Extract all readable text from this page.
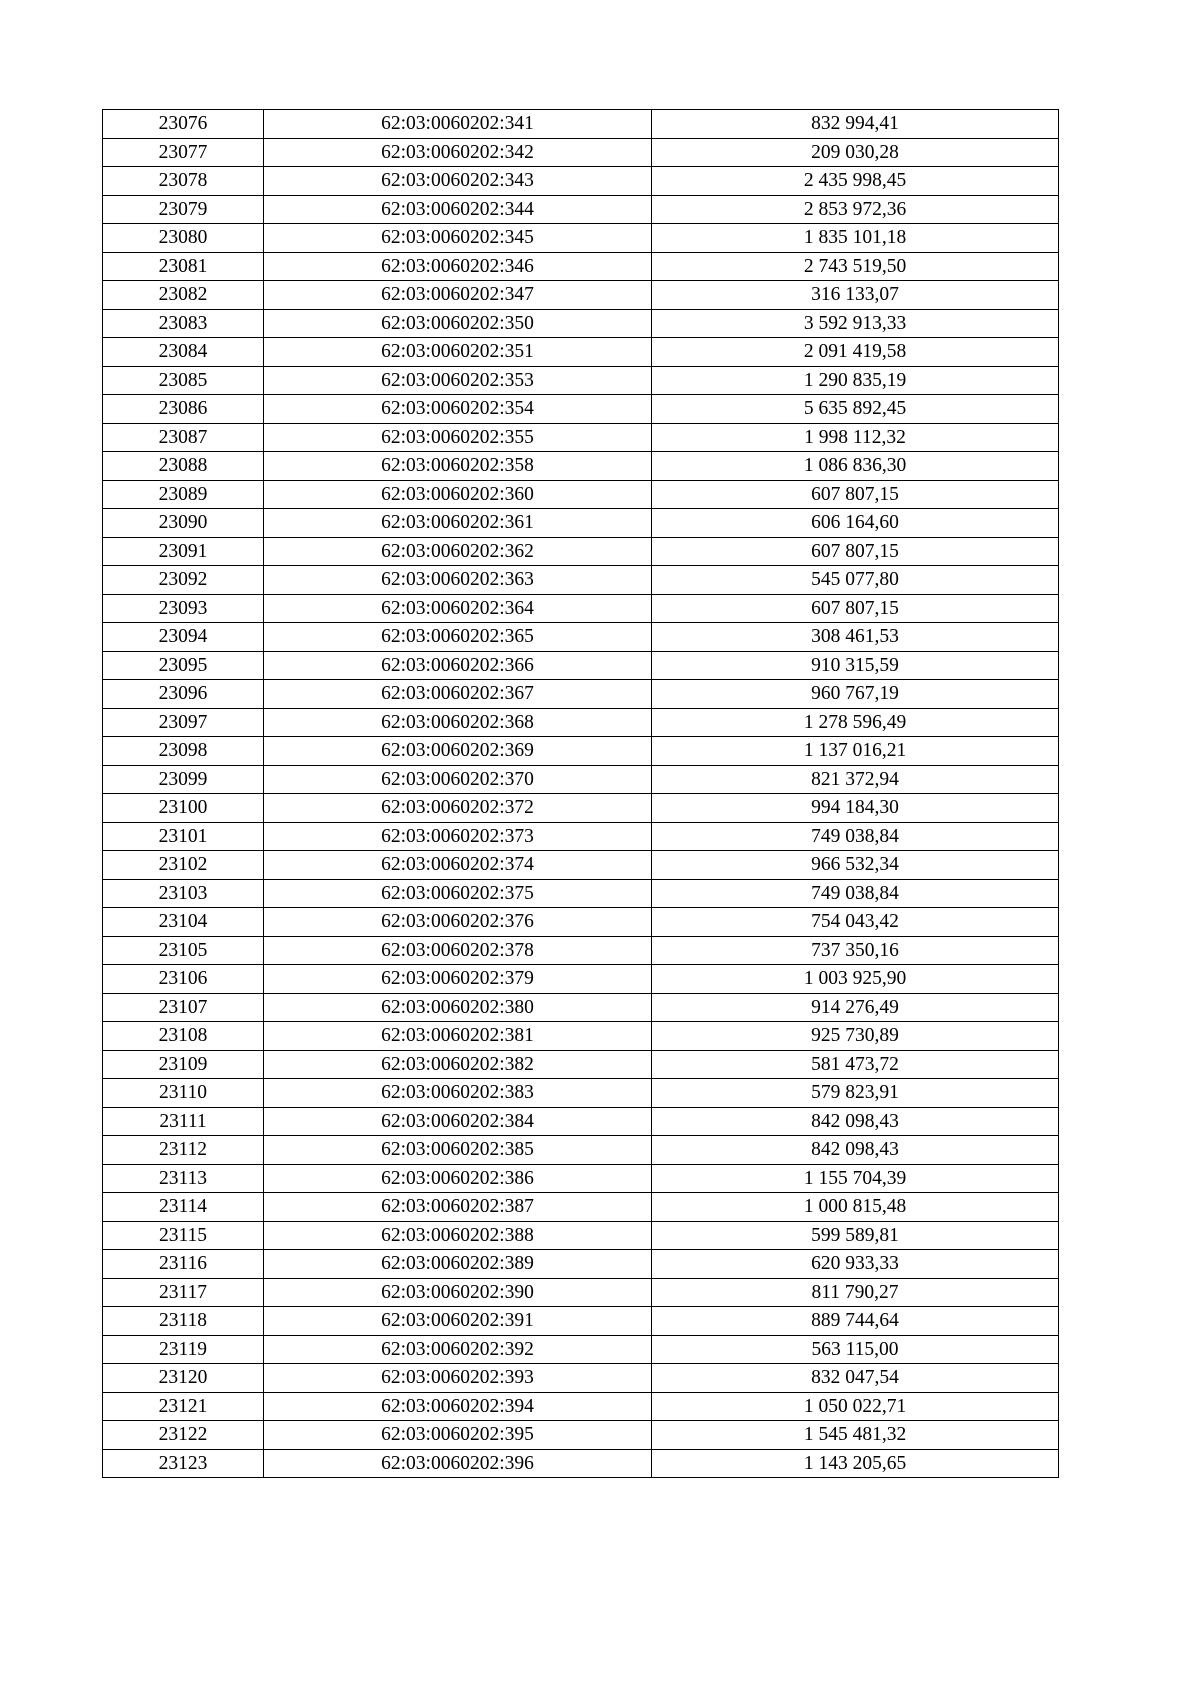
23076	62:03:0060202:341	832 994,41
23077	62:03:0060202:342	209 030,28
23078	62:03:0060202:343	2 435 998,45
23079	62:03:0060202:344	2 853 972,36
23080	62:03:0060202:345	1 835 101,18
23081	62:03:0060202:346	2 743 519,50
23082	62:03:0060202:347	316 133,07
23083	62:03:0060202:350	3 592 913,33
23084	62:03:0060202:351	2 091 419,58
23085	62:03:0060202:353	1 290 835,19
23086	62:03:0060202:354	5 635 892,45
23087	62:03:0060202:355	1 998 112,32
23088	62:03:0060202:358	1 086 836,30
23089	62:03:0060202:360	607 807,15
23090	62:03:0060202:361	606 164,60
23091	62:03:0060202:362	607 807,15
23092	62:03:0060202:363	545 077,80
23093	62:03:0060202:364	607 807,15
23094	62:03:0060202:365	308 461,53
23095	62:03:0060202:366	910 315,59
23096	62:03:0060202:367	960 767,19
23097	62:03:0060202:368	1 278 596,49
23098	62:03:0060202:369	1 137 016,21
23099	62:03:0060202:370	821 372,94
23100	62:03:0060202:372	994 184,30
23101	62:03:0060202:373	749 038,84
23102	62:03:0060202:374	966 532,34
23103	62:03:0060202:375	749 038,84
23104	62:03:0060202:376	754 043,42
23105	62:03:0060202:378	737 350,16
23106	62:03:0060202:379	1 003 925,90
23107	62:03:0060202:380	914 276,49
23108	62:03:0060202:381	925 730,89
23109	62:03:0060202:382	581 473,72
23110	62:03:0060202:383	579 823,91
23111	62:03:0060202:384	842 098,43
23112	62:03:0060202:385	842 098,43
23113	62:03:0060202:386	1 155 704,39
23114	62:03:0060202:387	1 000 815,48
23115	62:03:0060202:388	599 589,81
23116	62:03:0060202:389	620 933,33
23117	62:03:0060202:390	811 790,27
23118	62:03:0060202:391	889 744,64
23119	62:03:0060202:392	563 115,00
23120	62:03:0060202:393	832 047,54
23121	62:03:0060202:394	1 050 022,71
23122	62:03:0060202:395	1 545 481,32
23123	62:03:0060202:396	1 143 205,65
